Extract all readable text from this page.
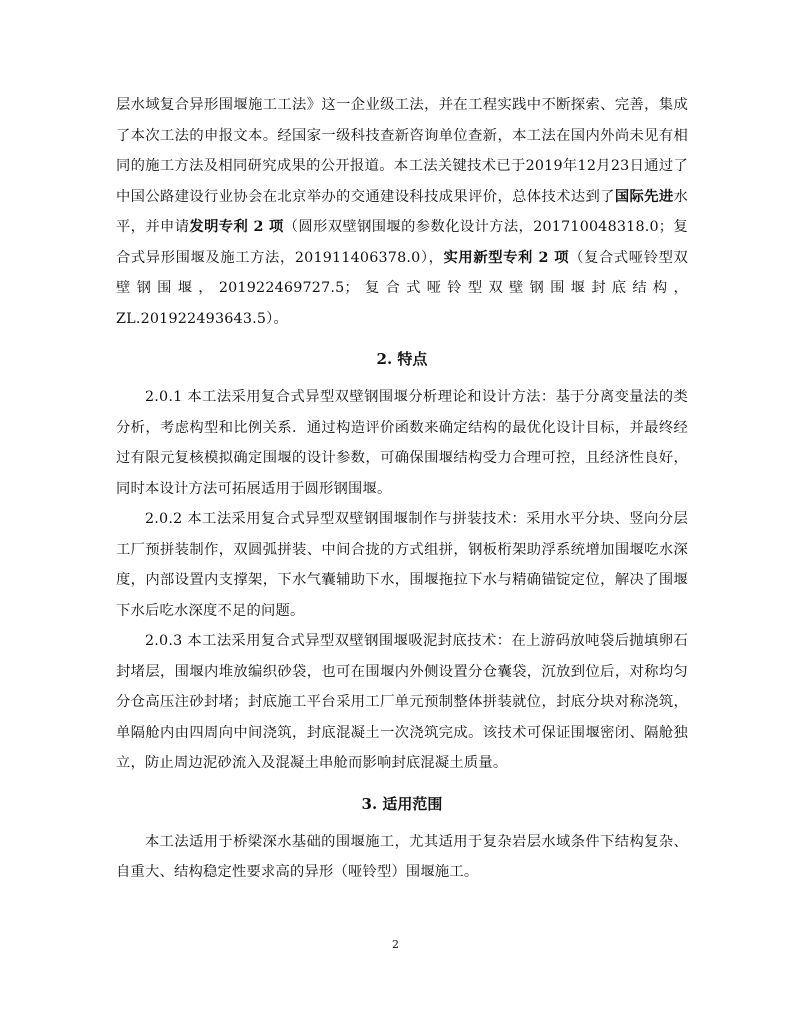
层水域复合异形围堰施工工法》这一企业级工法，并在工程实践中不断探索、完善，集成了本次工法的申报文本。经国家一级科技查新咨询单位查新，本工法在国内外尚未见有相同的施工方法及相同研究成果的公开报道。本工法关键技术已于2019年12月23日通过了中国公路建设行业协会在北京举办的交通建设科技成果评价，总体技术达到了国际先进水平，并申请发明专利 2 项（圆形双壁钢围堰的参数化设计方法，201710048318.0；复合式异形围堰及施工方法，201911406378.0），实用新型专利 2 项（复合式哑铃型双壁钢围堰，201922469727.5；复合式哑铃型双壁钢围堰封底结构，ZL.201922493643.5）。

2. 特点

2.0.1 本工法采用复合式异型双壁钢围堰分析理论和设计方法：基于分离变量法的类分析，考虑构型和比例关系．通过构造评价函数来确定结构的最优化设计目标，并最终经过有限元复核模拟确定围堰的设计参数，可确保围堰结构受力合理可控，且经济性良好，同时本设计方法可拓展适用于圆形钢围堰。

2.0.2 本工法采用复合式异型双壁钢围堰制作与拼装技术：采用水平分块、竖向分层工厂预拼装制作，双圆弧拼装、中间合拢的方式组拼，钢板桁架助浮系统增加围堰吃水深度，内部设置内支撑架，下水气囊辅助下水，围堰拖拉下水与精确锚锭定位，解决了围堰下水后吃水深度不足的问题。

2.0.3 本工法采用复合式异型双壁钢围堰吸泥封底技术：在上游码放吨袋后抛填卵石封堵层，围堰内堆放编织砂袋，也可在围堰内外侧设置分仓囊袋，沉放到位后，对称均匀分仓高压注砂封堵；封底施工平台采用工厂单元预制整体拼装就位，封底分块对称浇筑，单隔舱内由四周向中间浇筑，封底混凝土一次浇筑完成。该技术可保证围堰密闭、隔舱独立，防止周边泥砂流入及混凝土串舱而影响封底混凝土质量。

3. 适用范围

本工法适用于桥梁深水基础的围堰施工，尤其适用于复杂岩层水域条件下结构复杂、自重大、结构稳定性要求高的异形（哑铃型）围堰施工。

2
